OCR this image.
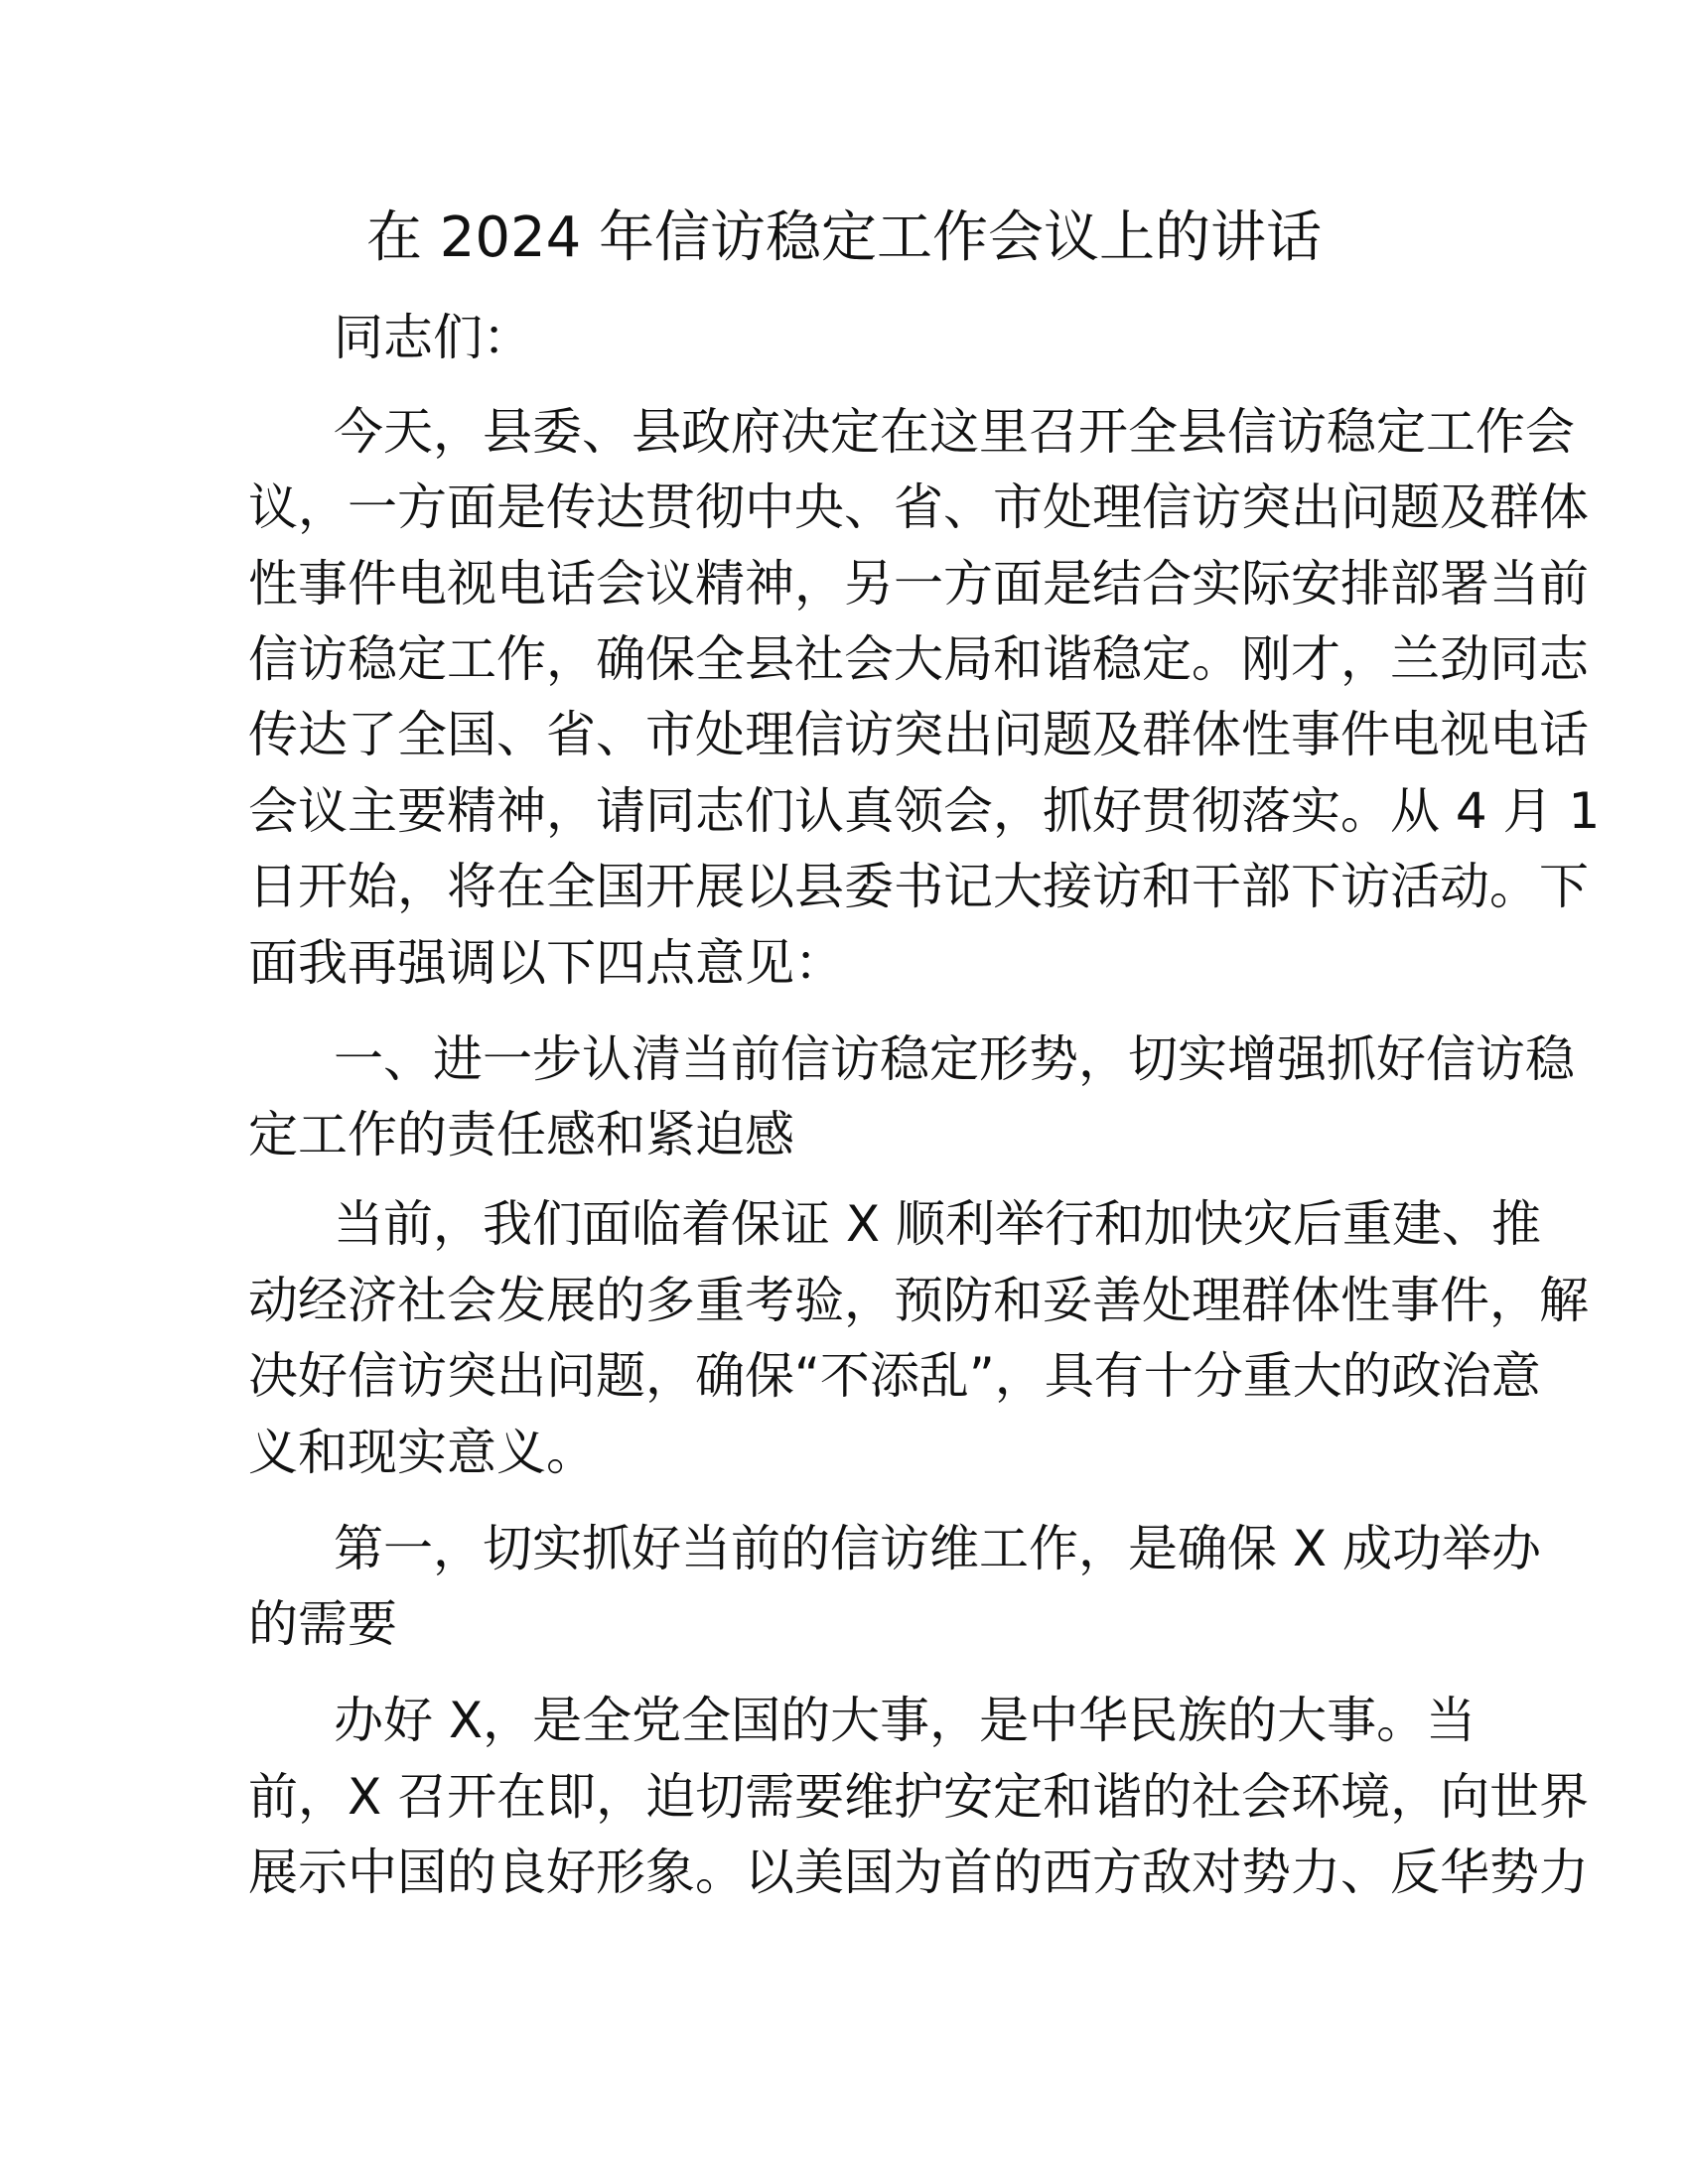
在 2024 年信访稳定工作会议上的讲话
同志们：
今天，县委、县政府决定在这里召开全县信访稳定工作会
议，一方面是传达贯彻中央、省、市处理信访突出问题及群体
性事件电视电话会议精神，另一方面是结合实际安排部署当前
信访稳定工作，确保全县社会大局和谐稳定。刚才，兰劲同志
传达了全国、省、市处理信访突出问题及群体性事件电视电话
会议主要精神，请同志们认真领会，抓好贯彻落实。从 4 月 1
日开始，将在全国开展以县委书记大接访和干部下访活动。下
面我再强调以下四点意见：
一、进一步认清当前信访稳定形势，切实增强抓好信访稳
定工作的责任感和紧迫感
当前，我们面临着保证 X 顺利举行和加快灾后重建、推
动经济社会发展的多重考验，预防和妥善处理群体性事件，解
决好信访突出问题，确保“不添乱”，具有十分重大的政治意
义和现实意义。
第一，切实抓好当前的信访维工作，是确保 X 成功举办
的需要
办好 X，是全党全国的大事，是中华民族的大事。当
前，X 召开在即，迫切需要维护安定和谐的社会环境，向世界
展示中国的良好形象。以美国为首的西方敌对势力、反华势力
